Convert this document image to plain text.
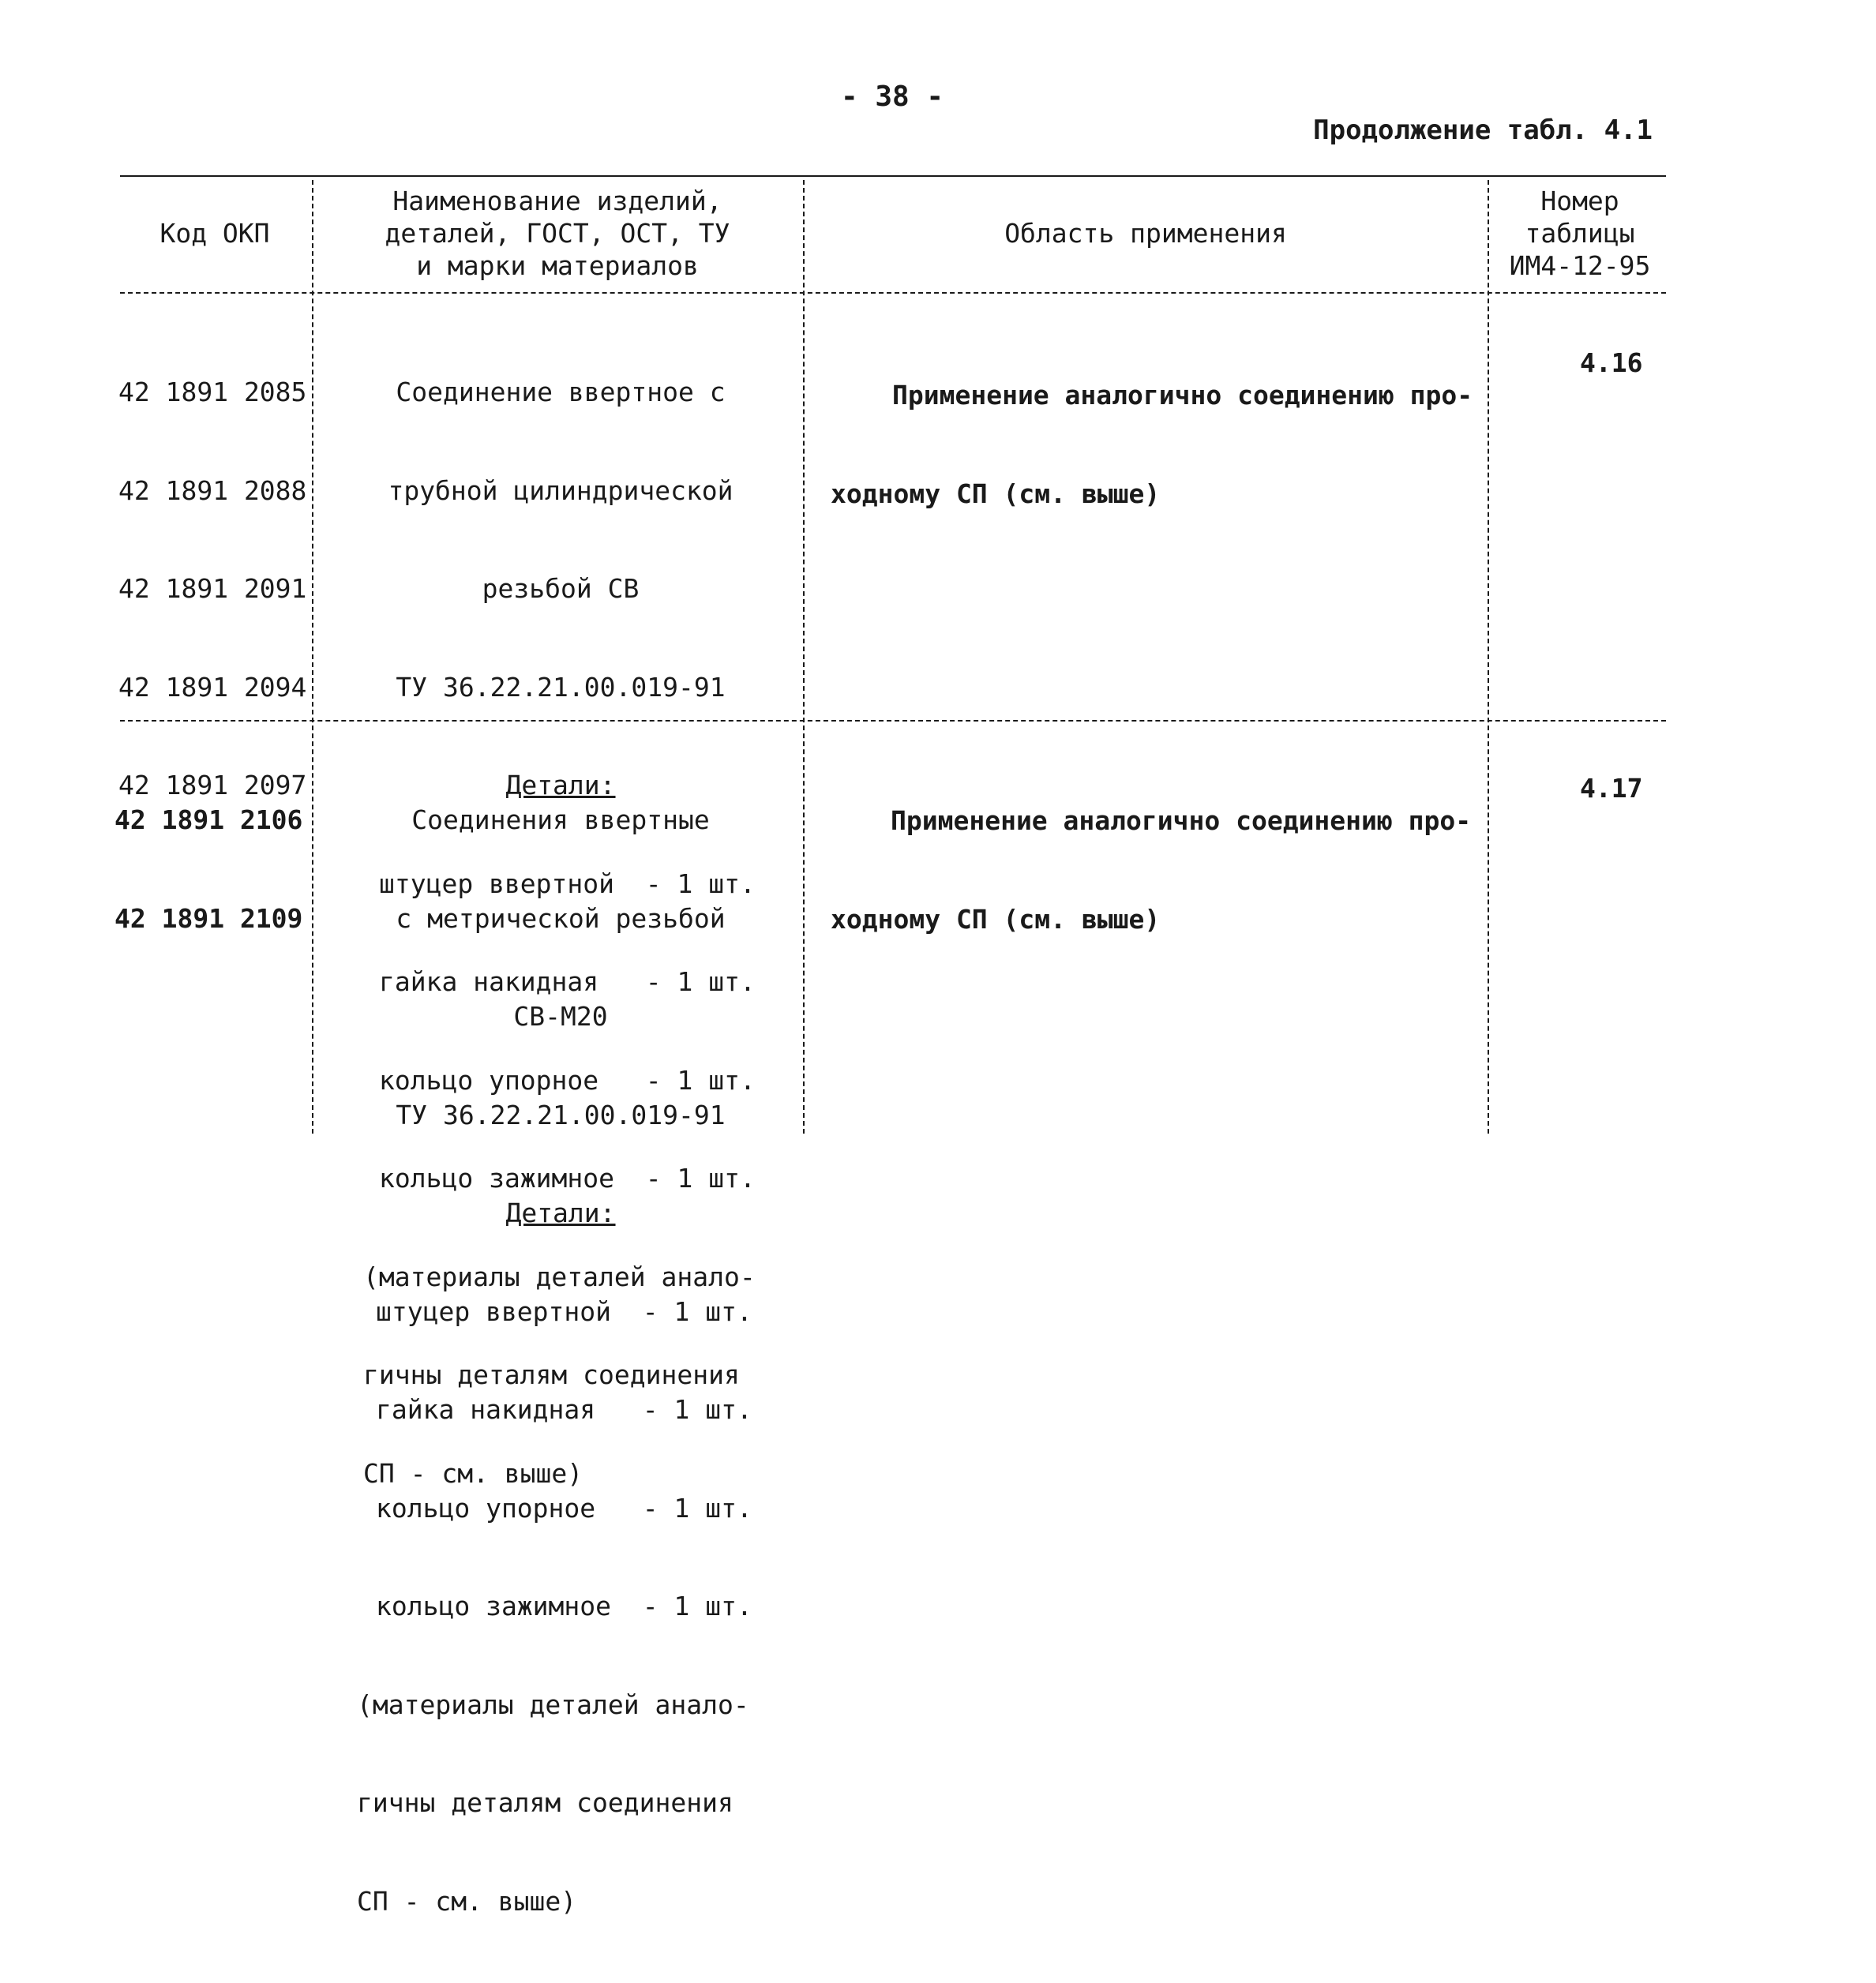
- 38 -
Продолжение табл. 4.1
Код ОКП
Наименование изделий,
деталей, ГОСТ, ОСТ, ТУ
и марки материалов
Область применения
Номер
таблицы
ИМ4-12-95

42 1891 2085

42 1891 2088

42 1891 2091

42 1891 2094

42 1891 2097

Соединение ввертное с

трубной цилиндрической

резьбой СВ

ТУ 36.22.21.00.019-91

Детали:

штуцер ввертной  - 1 шт.

гайка накидная   - 1 шт.

кольцо упорное   - 1 шт.

кольцо зажимное  - 1 шт.

(материалы деталей анало-

гичны деталям соединения

СП - см. выше)

Применение аналогично соединению про-

ходному СП (см. выше)

4.16

42 1891 2106

42 1891 2109

Соединения ввертные

с метрической резьбой

СВ-М20

ТУ 36.22.21.00.019-91

Детали:

штуцер ввертной  - 1 шт.

гайка накидная   - 1 шт.

кольцо упорное   - 1 шт.

кольцо зажимное  - 1 шт.

(материалы деталей анало-

гичны деталям соединения

СП - см. выше)

Применение аналогично соединению про-

ходному СП (см. выше)

4.17
